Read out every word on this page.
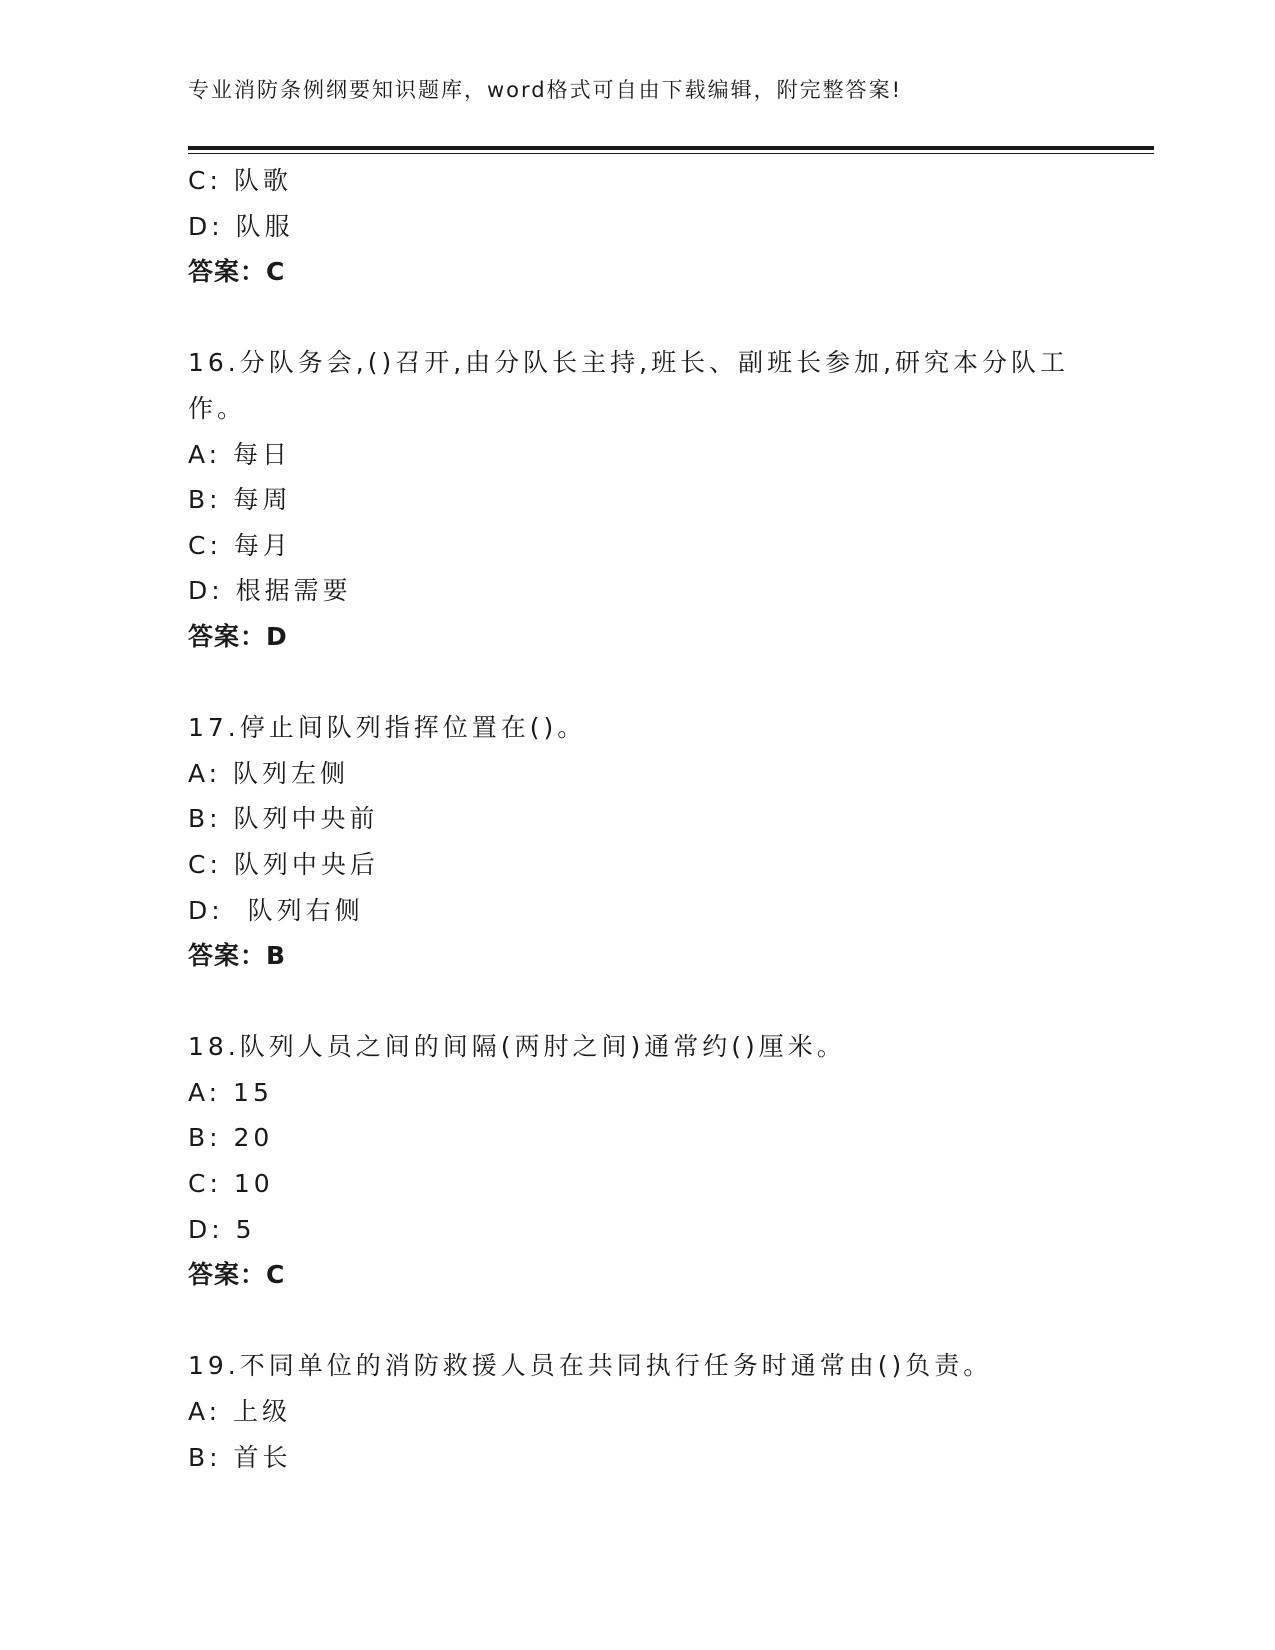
专业消防条例纲要知识题库，word格式可自由下载编辑，附完整答案!
C: 队歌
D: 队服
答案：C
16.分队务会,()召开,由分队长主持,班长、副班长参加,研究本分队工作。
A: 每日
B: 每周
C: 每月
D: 根据需要
答案：D
17.停止间队列指挥位置在()。
A: 队列左侧
B: 队列中央前
C: 队列中央后
D:  队列右侧
答案：B
18.队列人员之间的间隔(两肘之间)通常约()厘米。
A: 15
B: 20
C: 10
D: 5
答案：C
19.不同单位的消防救援人员在共同执行任务时通常由()负责。
A: 上级
B: 首长
